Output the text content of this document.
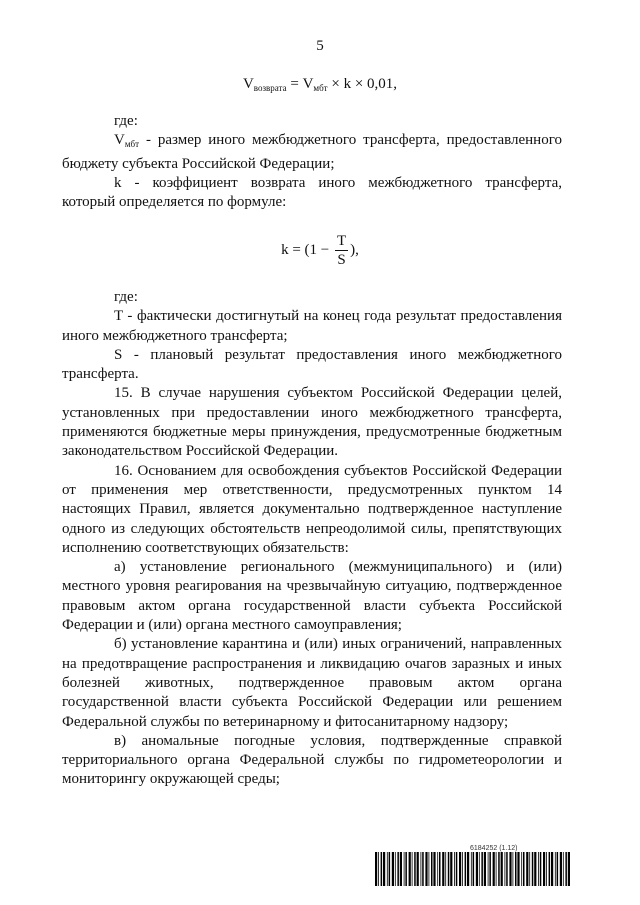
5
$V_{возврата} = V_{мбт} \times k \times 0,01$,

где:

$V_{мбт}$ - размер иного межбюджетного трансферта, предоставленного бюджету субъекта Российской Федерации;

k - коэффициент возврата иного межбюджетного трансферта, который определяется по формуле:

$k = (1 - \frac{T}{S}$ ),

где:

T - фактически достигнутый на конец года результат предоставления иного межбюджетного трансферта;

S - плановый результат предоставления иного межбюджетного трансферта.

15. В случае нарушения субъектом Российской Федерации целей, установленных при предоставлении иного межбюджетного трансферта, применяются бюджетные меры принуждения, предусмотренные бюджетным законодательством Российской Федерации.

16. Основанием для освобождения субъектов Российской Федерации от применения мер ответственности, предусмотренных пунктом 14 настоящих Правил, является документально подтвержденное наступление одного из следующих обстоятельств непреодолимой силы, препятствующих исполнению соответствующих обязательств:

а) установление регионального (межмуниципального) и (или) местного уровня реагирования на чрезвычайную ситуацию, подтвержденное правовым актом органа государственной власти субъекта Российской Федерации и (или) органа местного самоуправления;

б) установление карантина и (или) иных ограничений, направленных на предотвращение распространения и ликвидацию очагов заразных и иных болезней животных, подтвержденное правовым актом органа государственной власти субъекта Российской Федерации или решением Федеральной службы по ветеринарному и фитосанитарному надзору;

в) аномальные погодные условия, подтвержденные справкой территориального органа Федеральной службы по гидрометеорологии и мониторингу окружающей среды;

6184252 (1.12)
